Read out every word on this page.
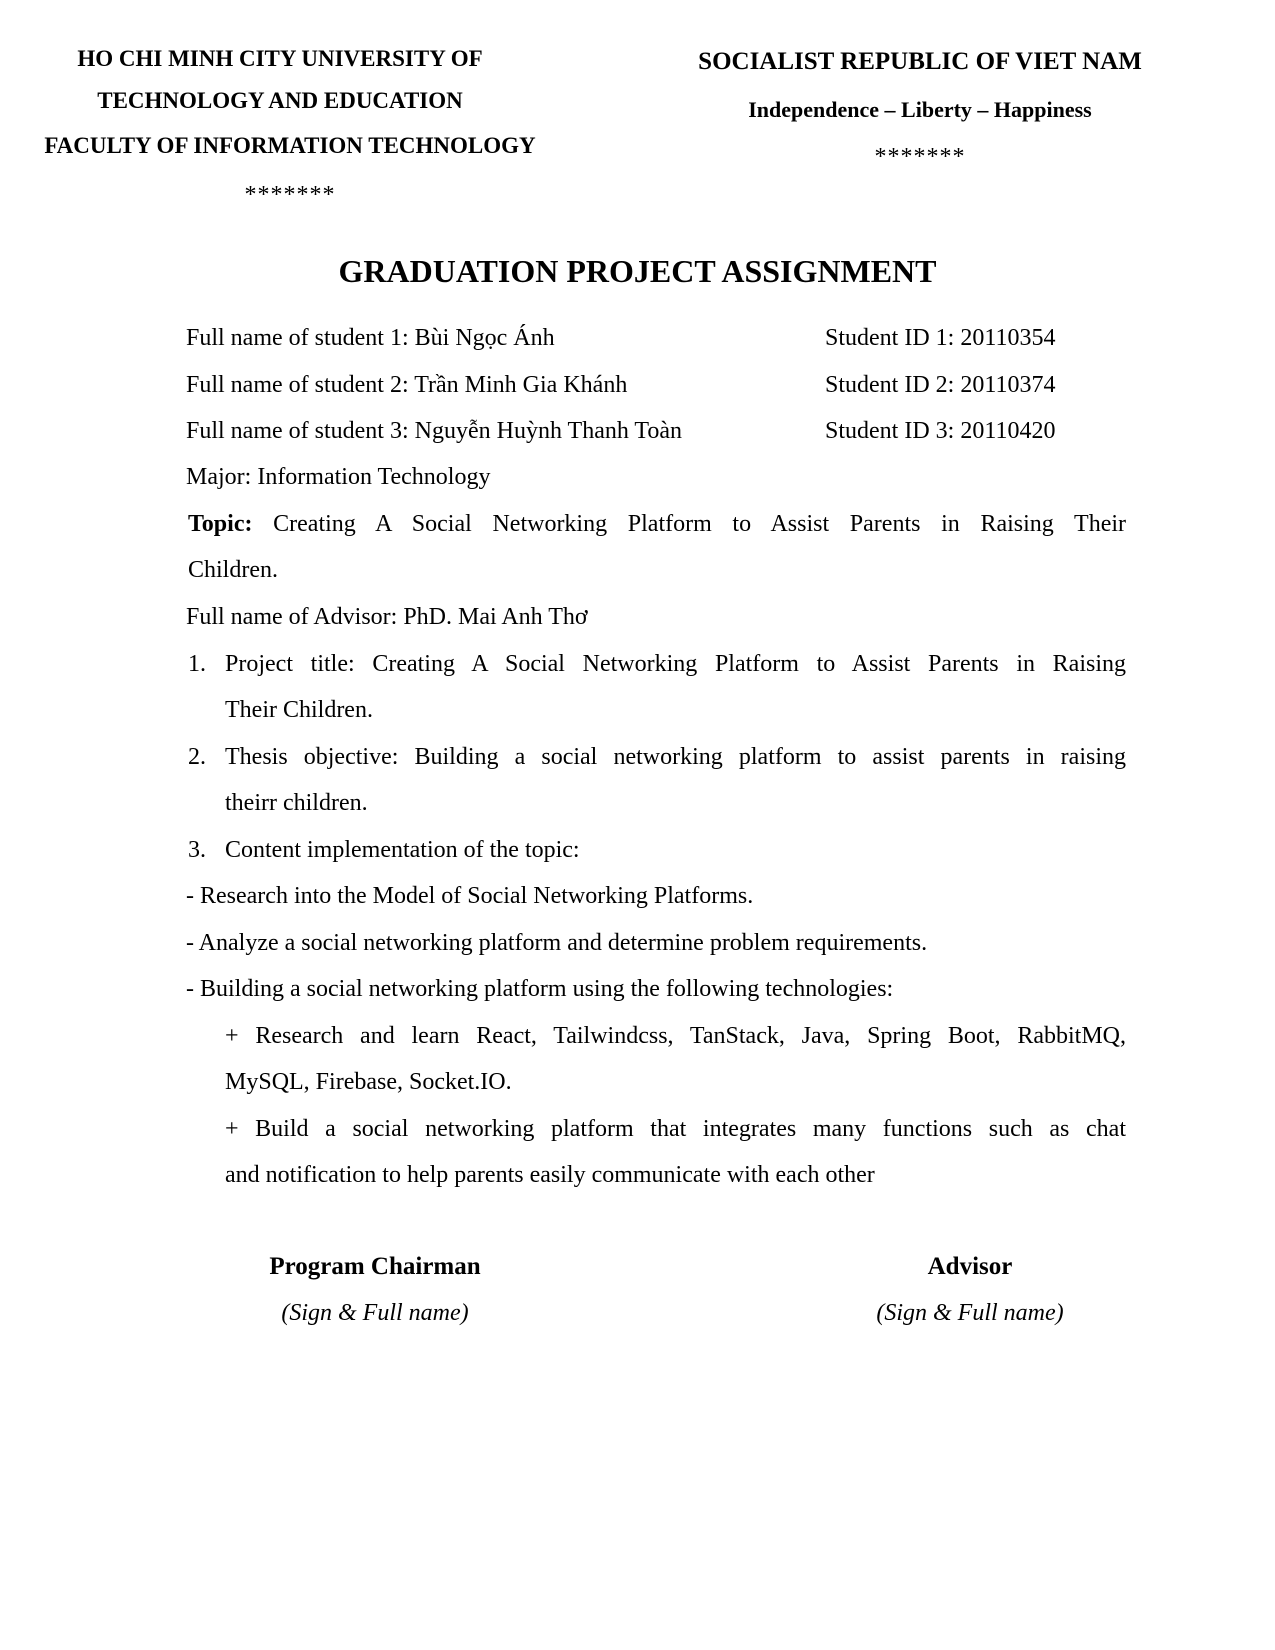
HO CHI MINH CITY UNIVERSITY OF
TECHNOLOGY AND EDUCATION
FACULTY OF INFORMATION TECHNOLOGY
*******
SOCIALIST REPUBLIC OF VIET NAM
Independence – Liberty – Happiness
*******
GRADUATION PROJECT ASSIGNMENT
Full name of student 1: Bùi Ngọc Ánh	Student ID 1: 20110354
Full name of student 2: Trần Minh Gia Khánh	Student ID 2: 20110374
Full name of student 3: Nguyễn Huỳnh Thanh Toàn	Student ID 3: 20110420
Major: Information Technology
Topic: Creating A Social Networking Platform to Assist Parents in Raising Their
Children.
Full name of Advisor: PhD. Mai Anh Thơ
1. Project title: Creating A Social Networking Platform to Assist Parents in Raising
Their Children.
2. Thesis objective: Building a social networking platform to assist parents in raising
theirr children.
3. Content implementation of the topic:
- Research into the Model of Social Networking Platforms.
- Analyze a social networking platform and determine problem requirements.
- Building a social networking platform using the following technologies:
+ Research and learn React, Tailwindcss, TanStack, Java, Spring Boot, RabbitMQ,
MySQL, Firebase, Socket.IO.
+ Build a social networking platform that integrates many functions such as chat
and notification to help parents easily communicate with each other
Program Chairman
(Sign & Full name)
Advisor
(Sign & Full name)
